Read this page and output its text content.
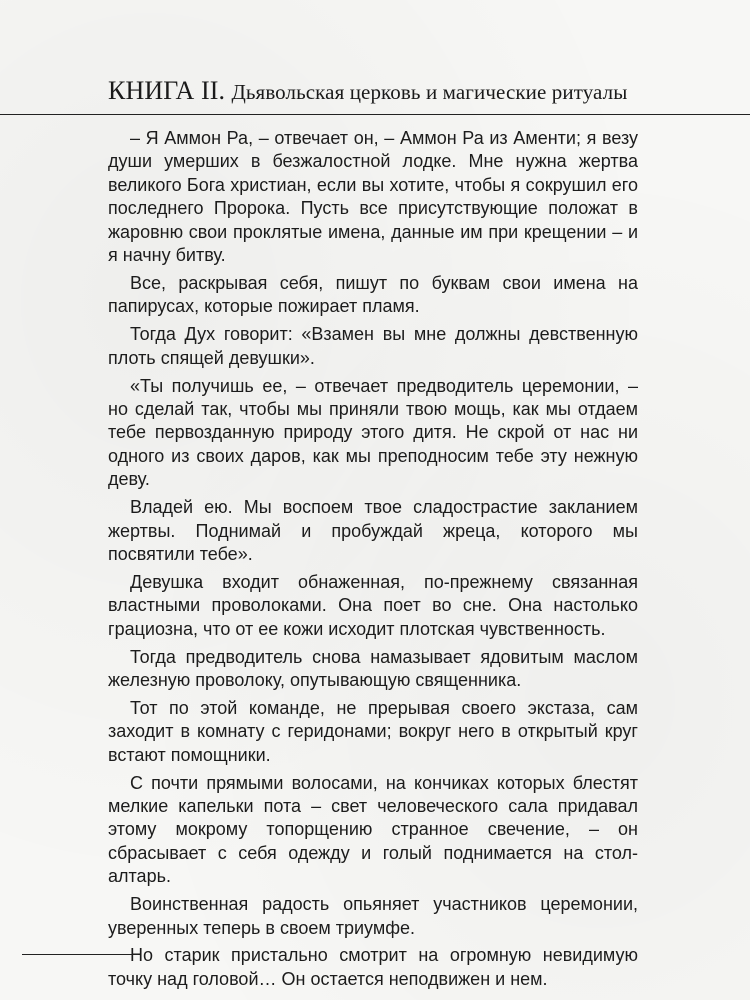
КНИГА II. Дьявольская церковь и магические ритуалы

– Я Аммон Ра, – отвечает он, – Аммон Ра из Аменти; я везу души умерших в безжалостной лодке. Мне нужна жертва великого Бога христиан, если вы хотите, чтобы я сокрушил его последнего Пророка. Пусть все присутствующие положат в жаровню свои проклятые имена, данные им при крещении – и я начну битву.

Все, раскрывая себя, пишут по буквам свои имена на папирусах, которые пожирает пламя.

Тогда Дух говорит: «Взамен вы мне должны девственную плоть спящей девушки».

«Ты получишь ее, – отвечает предводитель церемонии, – но сделай так, чтобы мы приняли твою мощь, как мы отдаем тебе первозданную природу этого дитя. Не скрой от нас ни одного из своих даров, как мы преподносим тебе эту нежную деву.

Владей ею. Мы воспоем твое сладострастие закланием жертвы. Поднимай и пробуждай жреца, которого мы посвятили тебе».

Девушка входит обнаженная, по-прежнему связанная властными проволоками. Она поет во сне. Она настолько грациозна, что от ее кожи исходит плотская чувственность.

Тогда предводитель снова намазывает ядовитым маслом железную проволоку, опутывающую священника.

Тот по этой команде, не прерывая своего экстаза, сам заходит в комнату с геридонами; вокруг него в открытый круг встают помощники.

С почти прямыми волосами, на кончиках которых блестят мелкие капельки пота – свет человеческого сала придавал этому мокрому топорщению странное свечение, – он сбрасывает с себя одежду и голый поднимается на стол-алтарь.

Воинственная радость опьяняет участников церемонии, уверенных теперь в своем триумфе.

Но старик пристально смотрит на огромную невидимую точку над головой… Он остается неподвижен и нем.
